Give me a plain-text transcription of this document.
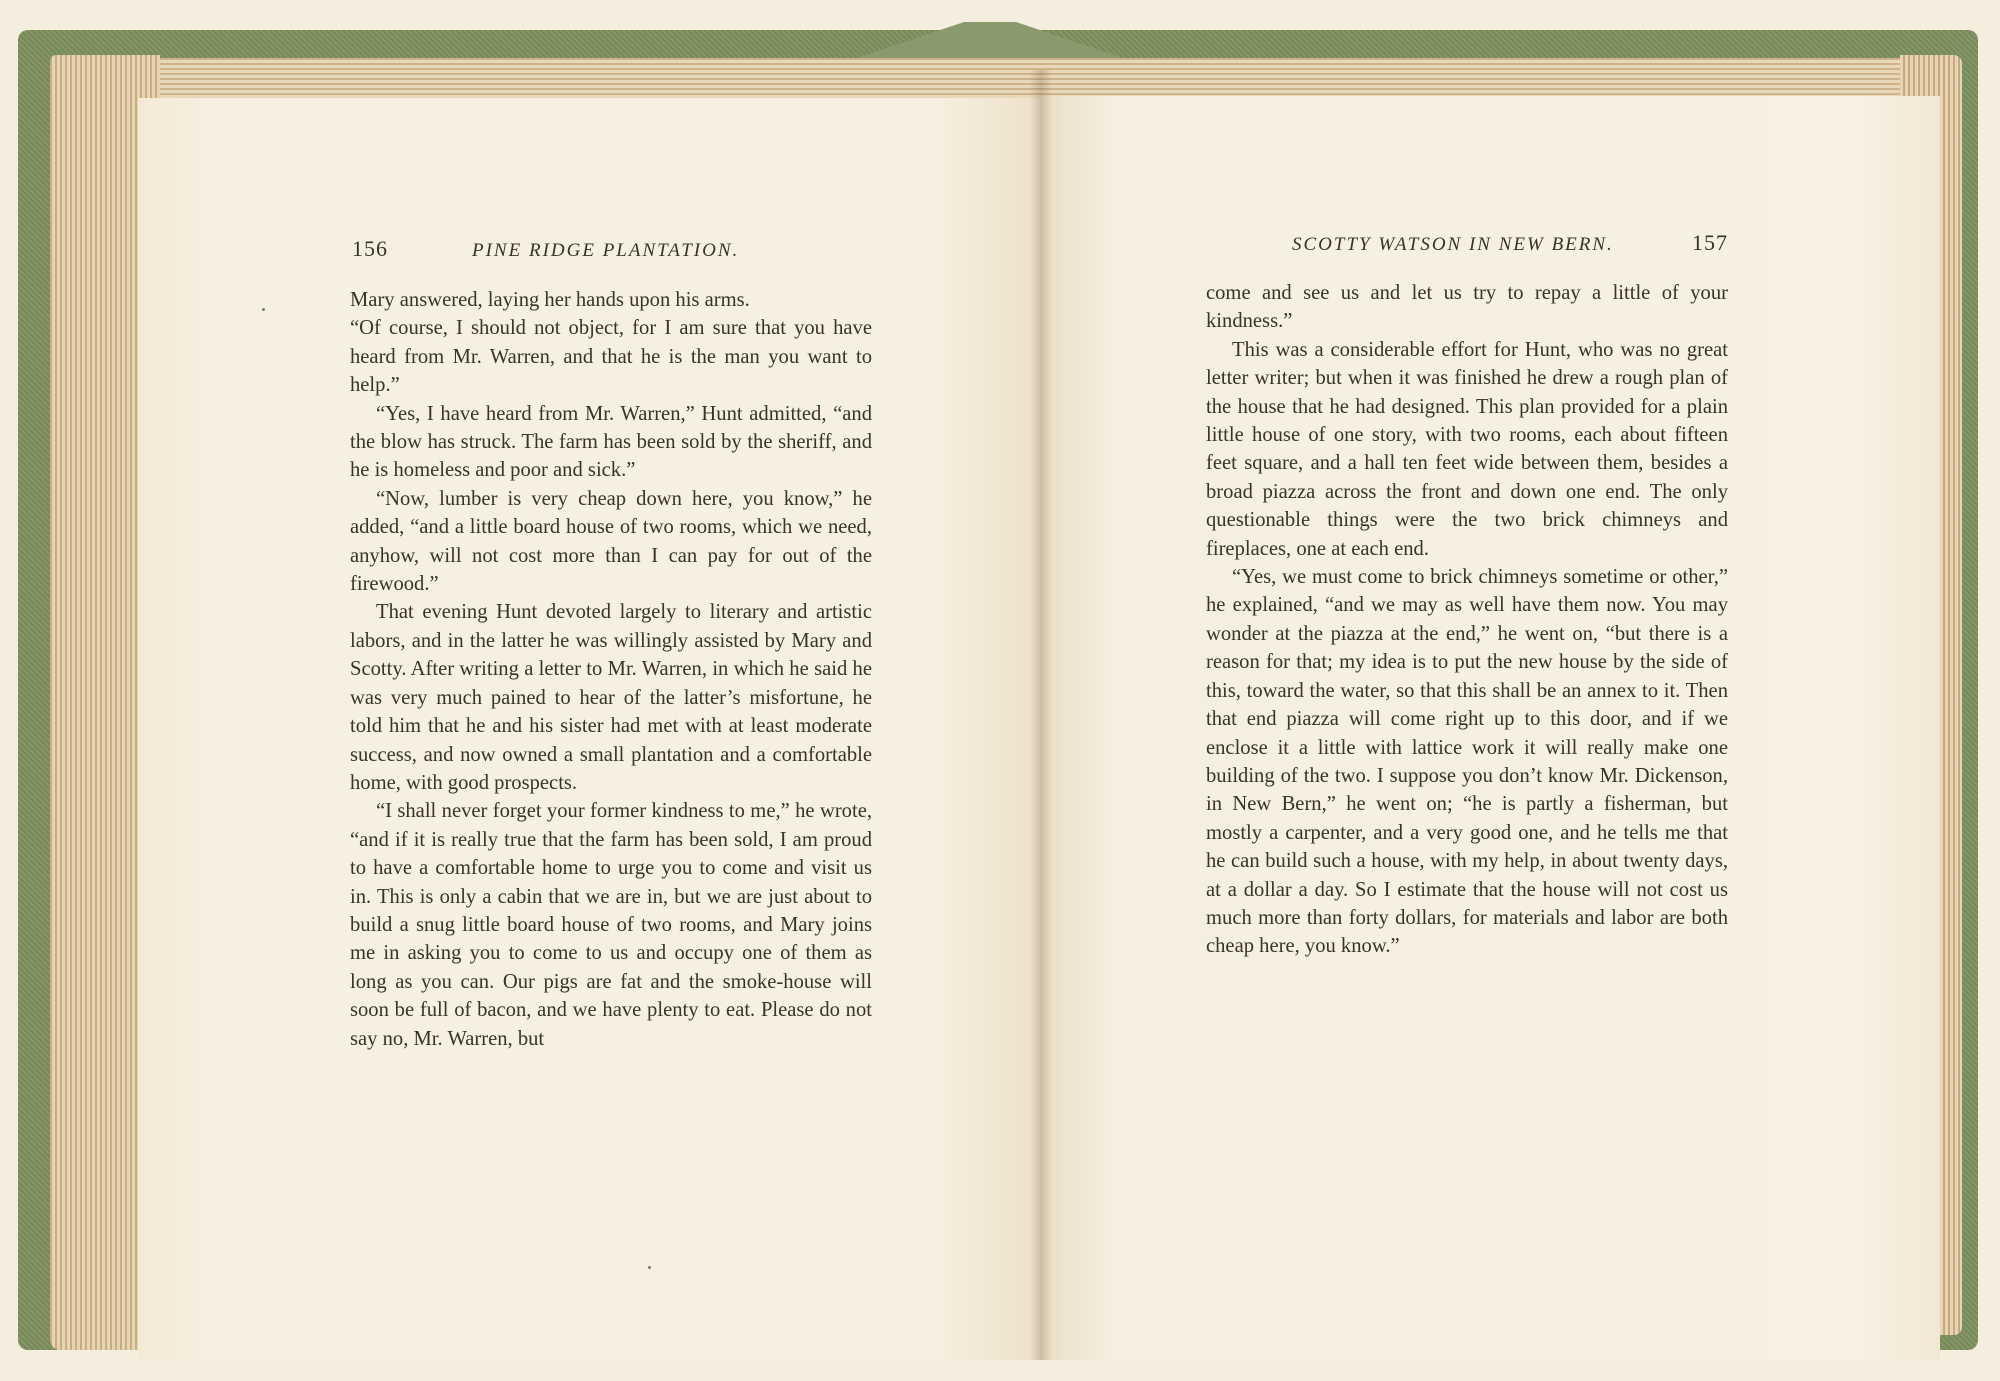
156	PINE RIDGE PLANTATION.	SCOTTY WATSON IN NEW BERN.	157

Mary answered, laying her hands upon his arms.

“Of course, I should not object, for I am sure that you have heard from Mr. Warren, and that he is the man you want to help.”

“Yes, I have heard from Mr. Warren,” Hunt admitted, “and the blow has struck. The farm has been sold by the sheriff, and he is homeless and poor and sick.”

“Now, lumber is very cheap down here, you know,” he added, “and a little board house of two rooms, which we need, anyhow, will not cost more than I can pay for out of the firewood.”

That evening Hunt devoted largely to literary and artistic labors, and in the latter he was willingly assisted by Mary and Scotty. After writing a letter to Mr. Warren, in which he said he was very much pained to hear of the latter’s misfortune, he told him that he and his sister had met with at least moderate success, and now owned a small plantation and a comfortable home, with good prospects.

“I shall never forget your former kindness to me,” he wrote, “and if it is really true that the farm has been sold, I am proud to have a comfortable home to urge you to come and visit us in. This is only a cabin that we are in, but we are just about to build a snug little board house of two rooms, and Mary joins me in asking you to come to us and occupy one of them as long as you can. Our pigs are fat and the smoke-house will soon be full of bacon, and we have plenty to eat. Please do not say no, Mr. Warren, but

come and see us and let us try to repay a little of your kindness.”

This was a considerable effort for Hunt, who was no great letter writer; but when it was finished he drew a rough plan of the house that he had designed. This plan provided for a plain little house of one story, with two rooms, each about fifteen feet square, and a hall ten feet wide between them, besides a broad piazza across the front and down one end. The only questionable things were the two brick chimneys and fireplaces, one at each end.

“Yes, we must come to brick chimneys sometime or other,” he explained, “and we may as well have them now. You may wonder at the piazza at the end,” he went on, “but there is a reason for that; my idea is to put the new house by the side of this, toward the water, so that this shall be an annex to it. Then that end piazza will come right up to this door, and if we enclose it a little with lattice work it will really make one building of the two. I suppose you don’t know Mr. Dickenson, in New Bern,” he went on; “he is partly a fisherman, but mostly a carpenter, and a very good one, and he tells me that he can build such a house, with my help, in about twenty days, at a dollar a day. So I estimate that the house will not cost us much more than forty dollars, for materials and labor are both cheap here, you know.”
